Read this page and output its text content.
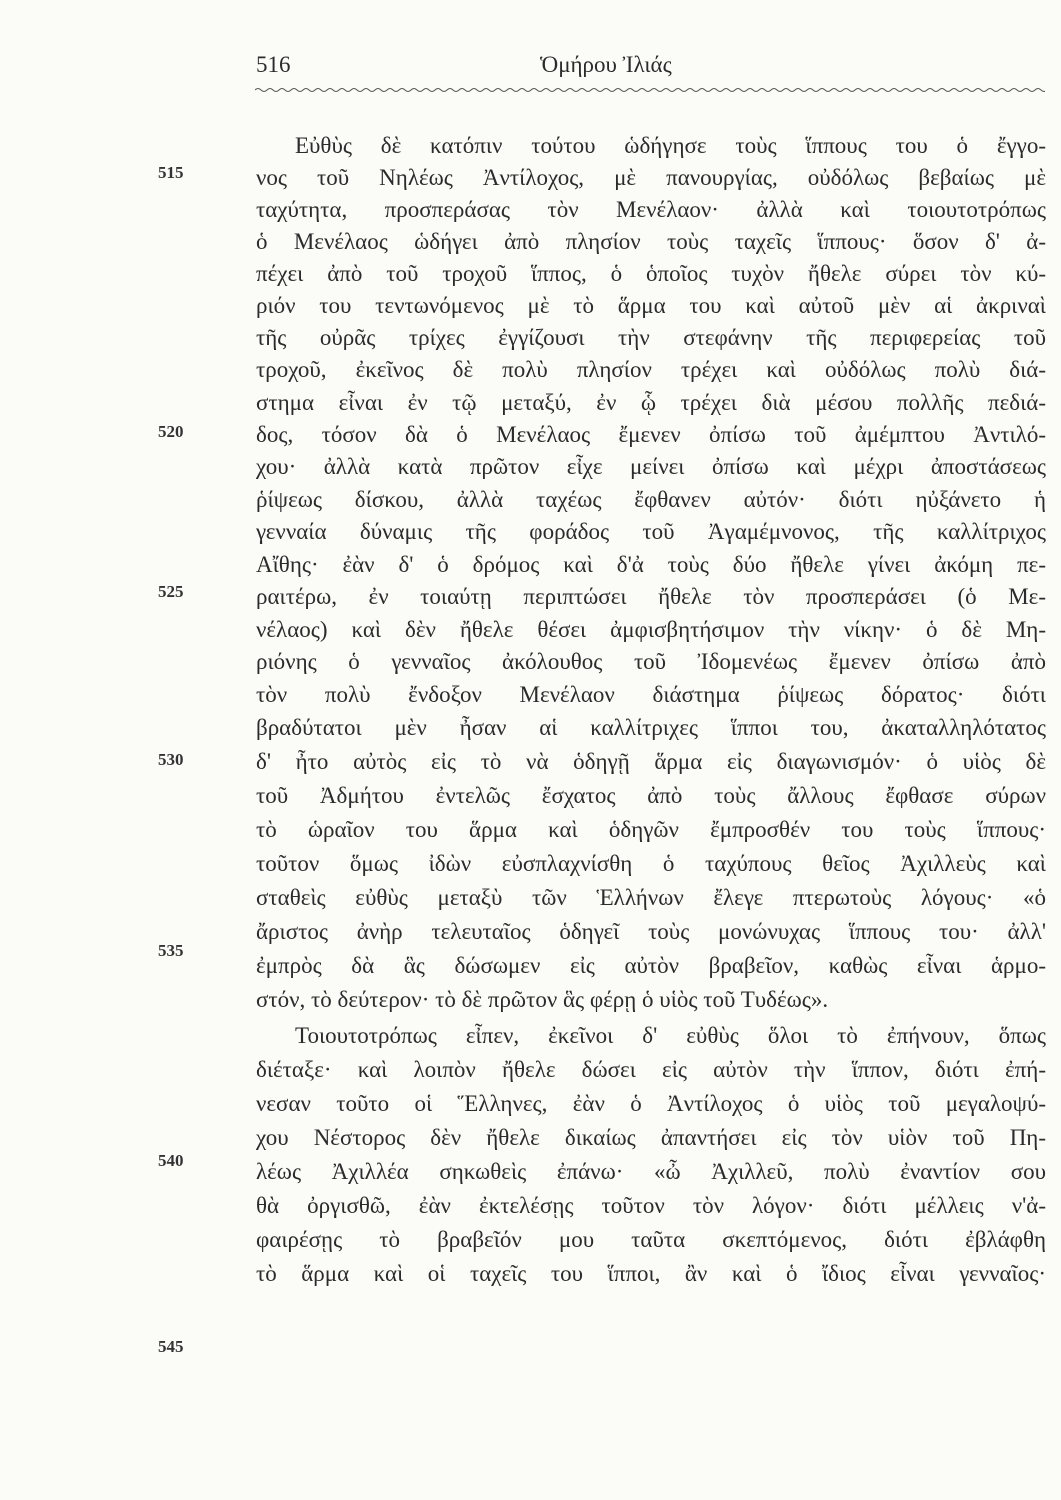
516	Ὁμήρου Ἰλιάς
515
520
525
530
535
540
545
Εὐθὺς δὲ κατόπιν τούτου ὡδήγησε τοὺς ἵππους του ὁ ἔγγο-
νος τοῦ Νηλέως Ἀντίλοχος, μὲ πανουργίας, οὐδόλως βεβαίως μὲ
ταχύτητα, προσπεράσας τὸν Μενέλαον· ἀλλὰ καὶ τοιουτοτρόπως
ὁ Μενέλαος ὡδήγει ἀπὸ πλησίον τοὺς ταχεῖς ἵππους· ὅσον δ' ἀ-
πέχει ἀπὸ τοῦ τροχοῦ ἵππος, ὁ ὁποῖος τυχὸν ἤθελε σύρει τὸν κύ-
ριόν του τεντωνόμενος μὲ τὸ ἅρμα του καὶ αὐτοῦ μὲν αἱ ἀκριναὶ
τῆς οὐρᾶς τρίχες ἐγγίζουσι τὴν στεφάνην τῆς περιφερείας τοῦ
τροχοῦ, ἐκεῖνος δὲ πολὺ πλησίον τρέχει καὶ οὐδόλως πολὺ διά-
στημα εἶναι ἐν τῷ μεταξύ, ἐν ᾧ τρέχει διὰ μέσου πολλῆς πεδιά-
δος, τόσον δὰ ὁ Μενέλαος ἔμενεν ὀπίσω τοῦ ἀμέμπτου Ἀντιλό-
χου· ἀλλὰ κατὰ πρῶτον εἶχε μείνει ὀπίσω καὶ μέχρι ἀποστάσεως
ῥίψεως δίσκου, ἀλλὰ ταχέως ἔφθανεν αὐτόν· διότι ηὐξάνετο ἡ
γενναία δύναμις τῆς φοράδος τοῦ Ἀγαμέμνονος, τῆς καλλίτριχος
Αἴθης· ἐὰν δ' ὁ δρόμος καὶ δ'ἀ τοὺς δύο ἤθελε γίνει ἀκόμη πε-
ραιτέρω, ἐν τοιαύτῃ περιπτώσει ἤθελε τὸν προσπεράσει (ὁ Με-
νέλαος) καὶ δὲν ἤθελε θέσει ἀμφισβητήσιμον τὴν νίκην· ὁ δὲ Μη-
ριόνης ὁ γενναῖος ἀκόλουθος τοῦ Ἰδομενέως ἔμενεν ὀπίσω ἀπὸ
τὸν πολὺ ἔνδοξον Μενέλαον διάστημα ῥίψεως δόρατος· διότι
βραδύτατοι μὲν ἦσαν αἱ καλλίτριχες ἵπποι του, ἀκαταλληλότατος
δ' ἦτο αὐτὸς εἰς τὸ νὰ ὁδηγῇ ἅρμα εἰς διαγωνισμόν· ὁ υἱὸς δὲ
τοῦ Ἀδμήτου ἐντελῶς ἔσχατος ἀπὸ τοὺς ἄλλους ἔφθασε σύρων
τὸ ὡραῖον του ἅρμα καὶ ὁδηγῶν ἔμπροσθέν του τοὺς ἵππους·
τοῦτον ὅμως ἰδὼν εὐσπλαχνίσθη ὁ ταχύπους θεῖος Ἀχιλλεὺς καὶ
σταθεὶς εὐθὺς μεταξὺ τῶν Ἑλλήνων ἔλεγε πτερωτοὺς λόγους· «ὁ
ἄριστος ἀνὴρ τελευταῖος ὁδηγεῖ τοὺς μονώνυχας ἵππους του· ἀλλ'
ἐμπρὸς δὰ ἃς δώσωμεν εἰς αὐτὸν βραβεῖον, καθὼς εἶναι ἁρμο-
στόν, τὸ δεύτερον· τὸ δὲ πρῶτον ἃς φέρῃ ὁ υἱὸς τοῦ Τυδέως».
Τοιουτοτρόπως εἶπεν, ἐκεῖνοι δ' εὐθὺς ὅλοι τὸ ἐπήνουν, ὅπως
διέταξε· καὶ λοιπὸν ἤθελε δώσει εἰς αὐτὸν τὴν ἵππον, διότι ἐπή-
νεσαν τοῦτο οἱ Ἕλληνες, ἐὰν ὁ Ἀντίλοχος ὁ υἱὸς τοῦ μεγαλοψύ-
χου Νέστορος δὲν ἤθελε δικαίως ἀπαντήσει εἰς τὸν υἱὸν τοῦ Πη-
λέως Ἀχιλλέα σηκωθεὶς ἐπάνω· «ὦ Ἀχιλλεῦ, πολὺ ἐναντίον σου
θὰ ὀργισθῶ, ἐὰν ἐκτελέσῃς τοῦτον τὸν λόγον· διότι μέλλεις ν'ἀ-
φαιρέσῃς τὸ βραβεῖόν μου ταῦτα σκεπτόμενος, διότι ἐβλάφθη
τὸ ἅρμα καὶ οἱ ταχεῖς του ἵπποι, ἂν καὶ ὁ ἴδιος εἶναι γενναῖος·
